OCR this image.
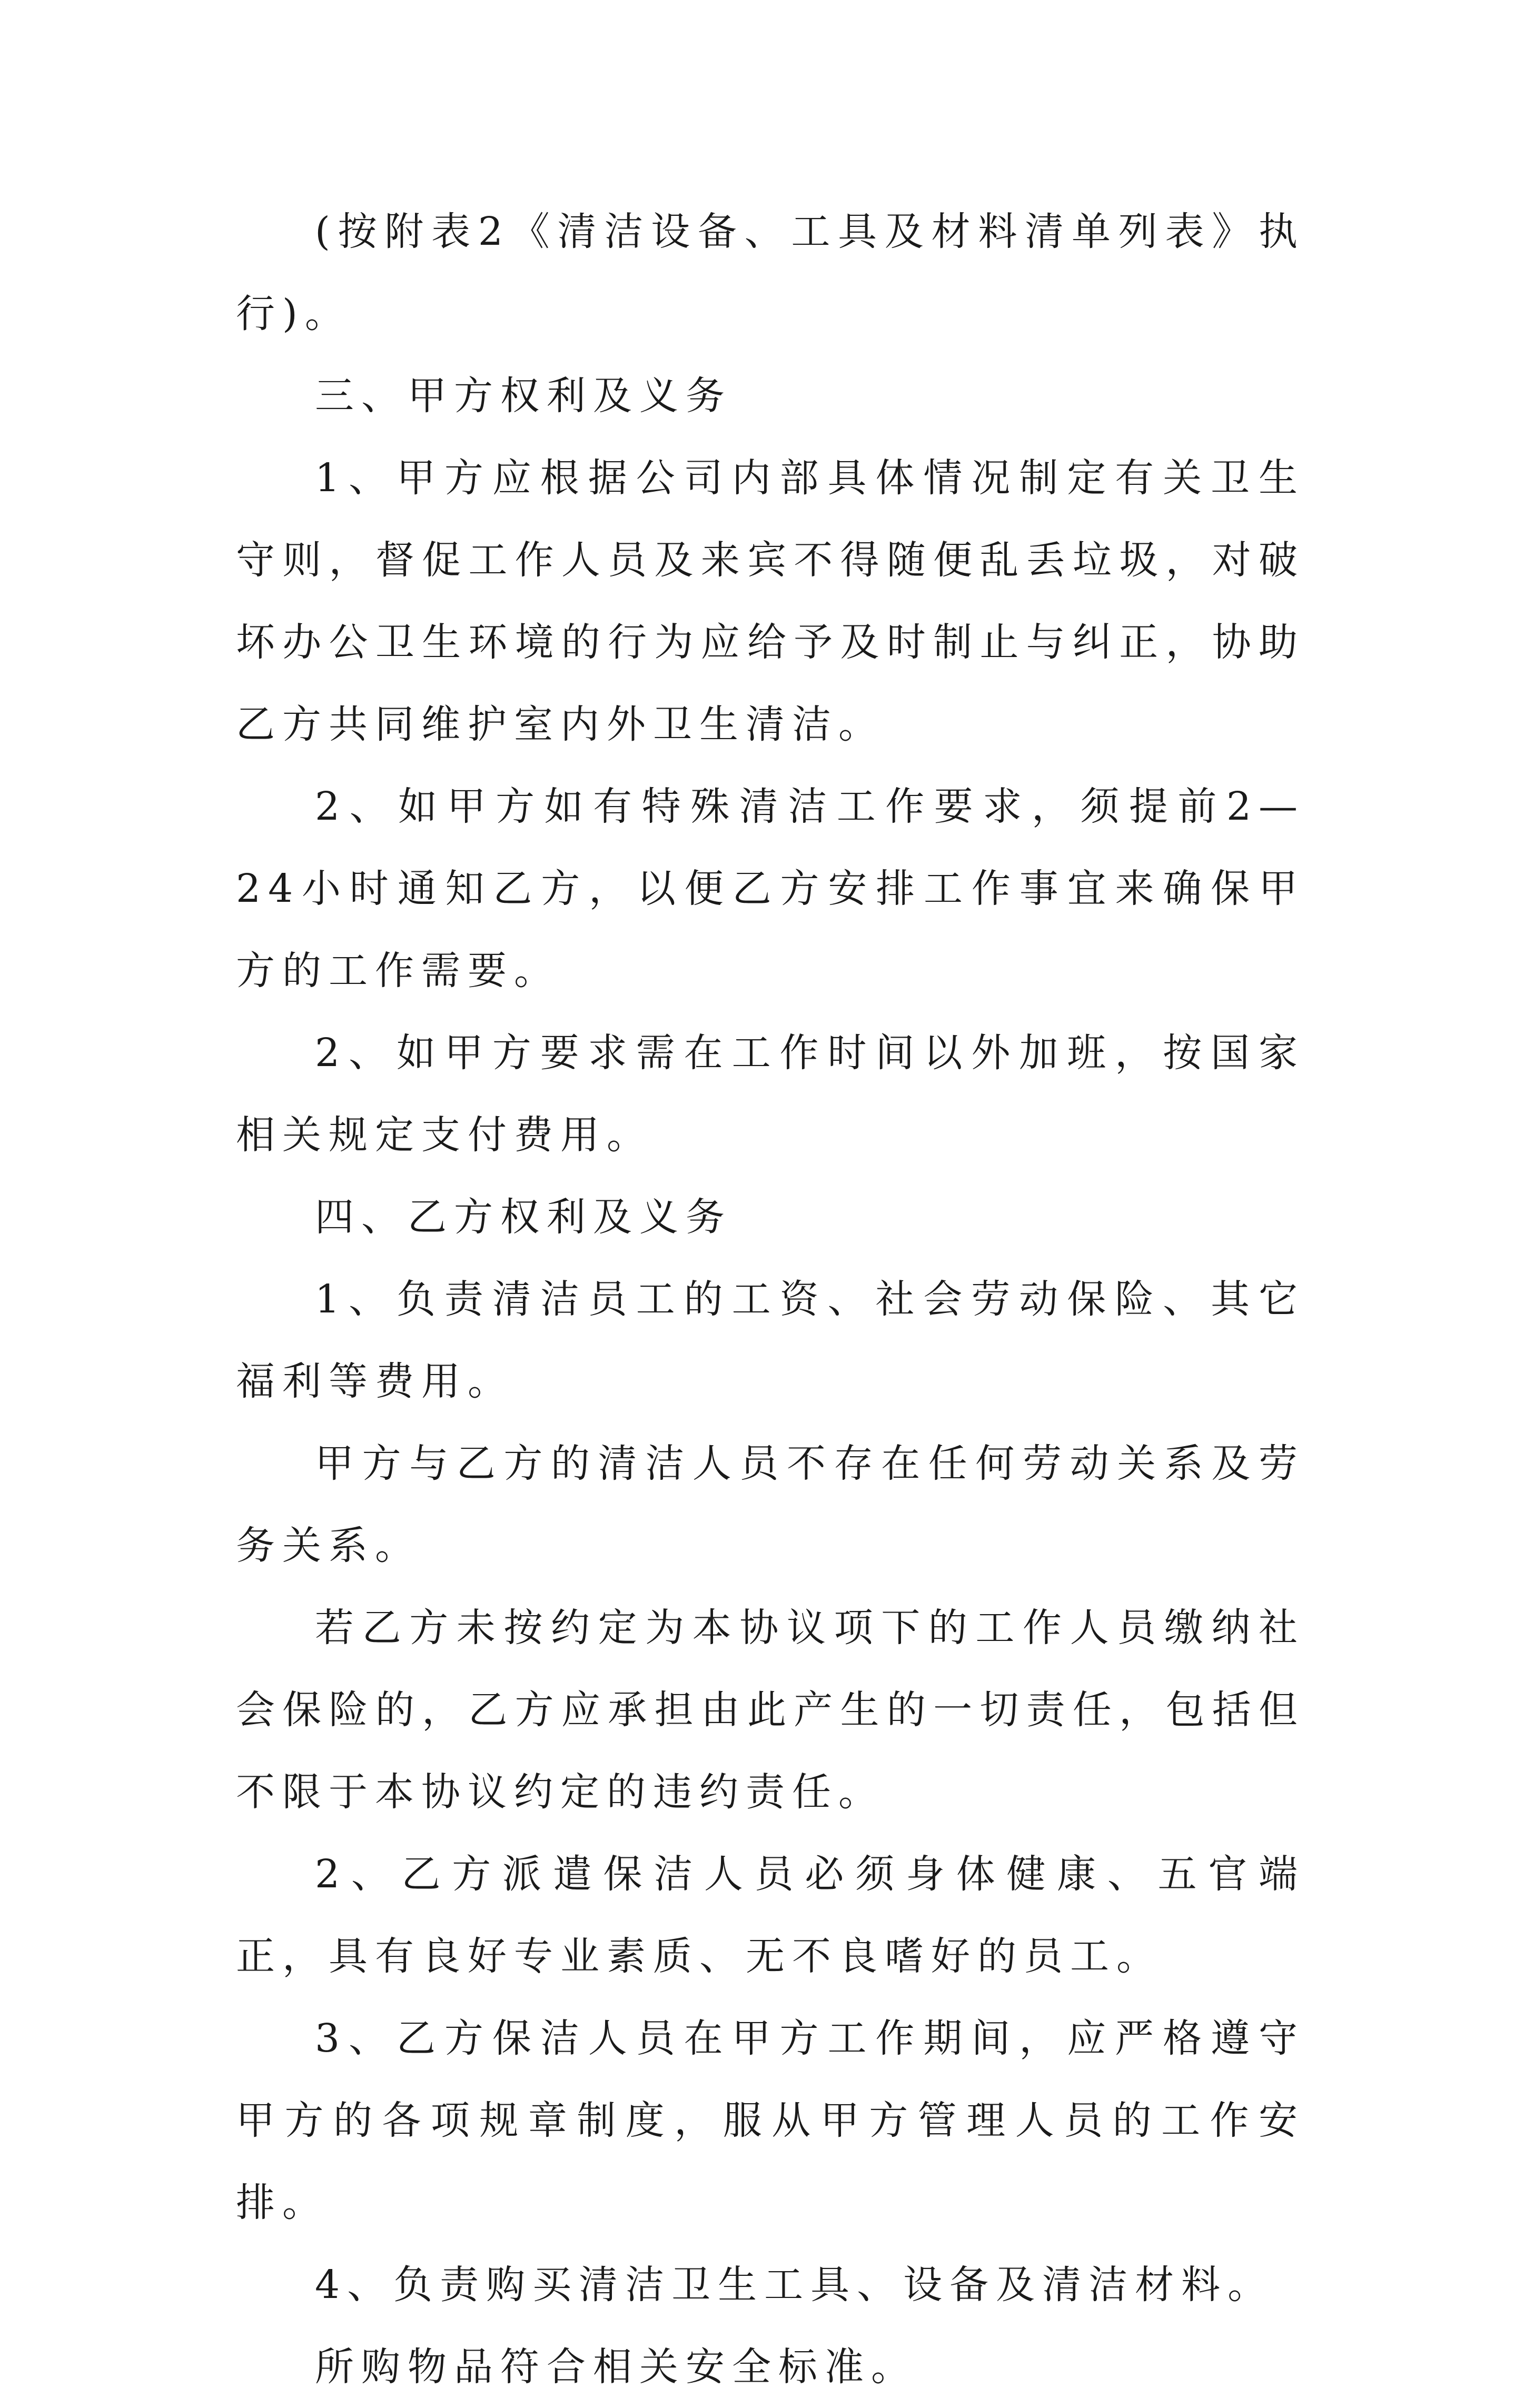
(按附表2《清洁设备、工具及材料清单列表》执行)。

三、甲方权利及义务

1、甲方应根据公司内部具体情况制定有关卫生守则，督促工作人员及来宾不得随便乱丢垃圾，对破坏办公卫生环境的行为应给予及时制止与纠正，协助乙方共同维护室内外卫生清洁。

2、如甲方如有特殊清洁工作要求，须提前2—24小时通知乙方，以便乙方安排工作事宜来确保甲方的工作需要。

2、如甲方要求需在工作时间以外加班，按国家相关规定支付费用。

四、乙方权利及义务

1、负责清洁员工的工资、社会劳动保险、其它福利等费用。

甲方与乙方的清洁人员不存在任何劳动关系及劳务关系。

若乙方未按约定为本协议项下的工作人员缴纳社会保险的，乙方应承担由此产生的一切责任，包括但不限于本协议约定的违约责任。

2、乙方派遣保洁人员必须身体健康、五官端正，具有良好专业素质、无不良嗜好的员工。

3、乙方保洁人员在甲方工作期间，应严格遵守甲方的各项规章制度，服从甲方管理人员的工作安排。

4、负责购买清洁卫生工具、设备及清洁材料。

所购物品符合相关安全标准。
